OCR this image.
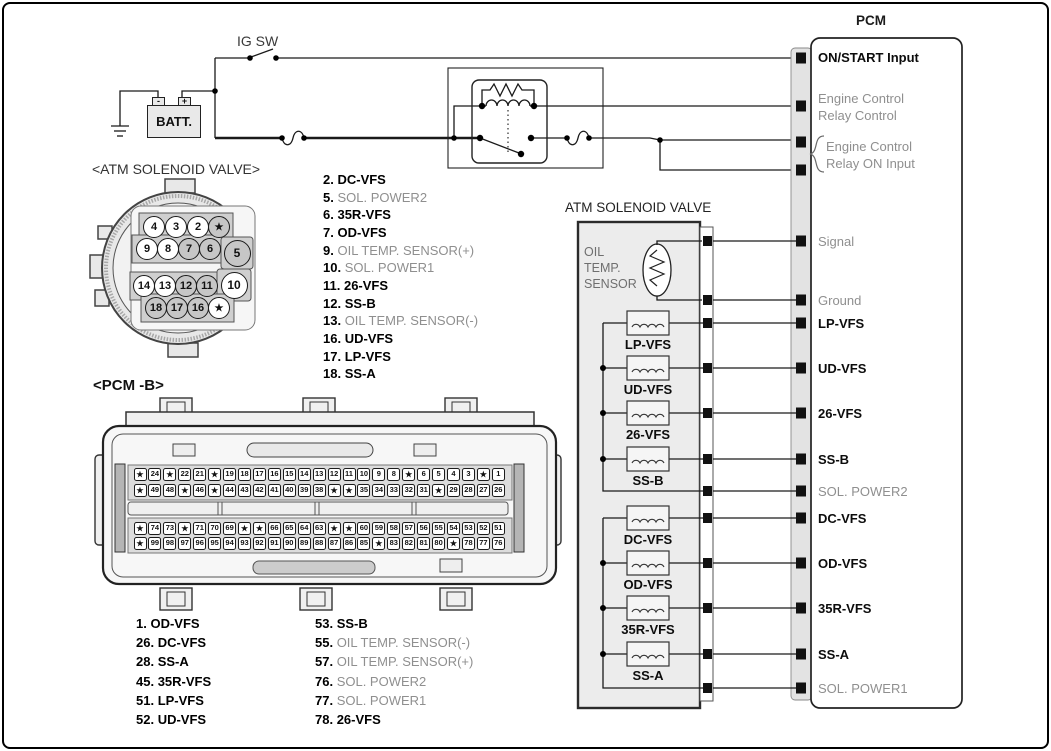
IG SW
BATT.
-	+
PCM
<ATM SOLENOID VALVE>
<PCM -B>
ATM SOLENOID VALVE
OIL
TEMP.
SENSOR
ON/START Input
Engine Control
Relay Control
Engine Control
Relay ON Input
Signal
Ground
LP-VFS
UD-VFS
26-VFS
SS-B
SOL. POWER2
DC-VFS
OD-VFS
35R-VFS
SS-A
SOL. POWER1
2. DC-VFS
5. SOL. POWER2
6. 35R-VFS
7. OD-VFS
9. OIL TEMP. SENSOR(+)
10. SOL. POWER1
11. 26-VFS
12. SS-B
13. OIL TEMP. SENSOR(-)
16. UD-VFS
17. LP-VFS
18. SS-A
1. OD-VFS
26. DC-VFS
28. SS-A
45. 35R-VFS
51. LP-VFS
52. UD-VFS
53. SS-B
55. OIL TEMP. SENSOR(-)
57. OIL TEMP. SENSOR(+)
76. SOL. POWER2
77. SOL. POWER1
78. 26-VFS
★ 24 ★ 22 21 ★ 19 18 17 16 15 14 13 12 11 10	9	8	★	6	5	4	3	★	1
★ 49 48 ★ 46 ★ 44 43 42 41 40 39 38 ★ ★ 35 34 33 32 31 ★ 29 28 27 26
★ 74 73 ★ 71 70 69 ★ ★ 66 65 64 63 ★ ★ 60 59 58 57 56 55 54 53 52 51
★ 99 98 97 96 95 94 93 92 91 90 89 88 87 86 85 ★ 83 82 81 80 ★ 78 77 76
4	3	2	★
9	8	7	6	5
14 13 12 11	10
18 17 16	★
LP-VFS
UD-VFS
26-VFS
SS-B
DC-VFS
OD-VFS
35R-VFS
SS-A
